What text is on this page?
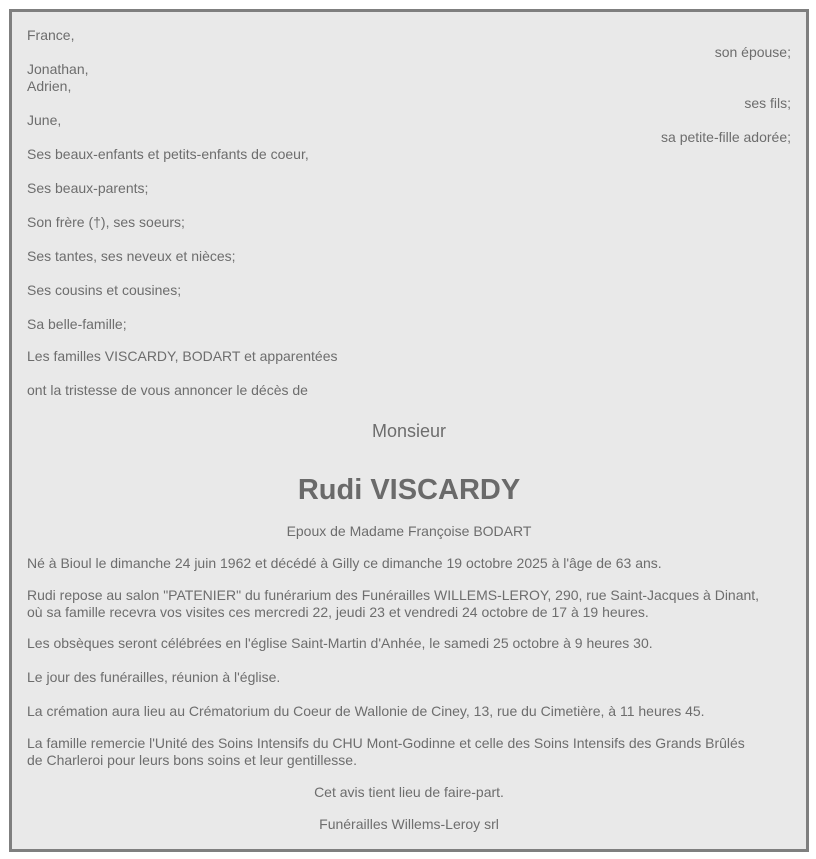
France,
son épouse;
Jonathan,
Adrien,
ses fils;
June,
sa petite-fille adorée;
Ses beaux-enfants et petits-enfants de coeur,
Ses beaux-parents;
Son frère (†), ses soeurs;
Ses tantes, ses neveux et nièces;
Ses cousins et cousines;
Sa belle-famille;
Les familles VISCARDY, BODART et apparentées
ont la tristesse de vous annoncer le décès de
Monsieur
Rudi VISCARDY
Epoux de Madame Françoise BODART
Né à Bioul le dimanche 24 juin 1962 et décédé à Gilly ce dimanche 19 octobre 2025 à l'âge de 63 ans.
Rudi repose au salon "PATENIER" du funérarium des Funérailles WILLEMS-LEROY, 290, rue Saint-Jacques à Dinant,
où sa famille recevra vos visites ces mercredi 22, jeudi 23 et vendredi 24 octobre de 17 à 19 heures.
Les obsèques seront célébrées en l'église Saint-Martin d'Anhée, le samedi 25 octobre à 9 heures 30.
Le jour des funérailles, réunion à l'église.
La crémation aura lieu au Crématorium du Coeur de Wallonie de Ciney, 13, rue du Cimetière, à 11 heures 45.
La famille remercie l'Unité des Soins Intensifs du CHU Mont-Godinne et celle des Soins Intensifs des Grands Brûlés
de Charleroi pour leurs bons soins et leur gentillesse.
Cet avis tient lieu de faire-part.
Funérailles Willems-Leroy srl
